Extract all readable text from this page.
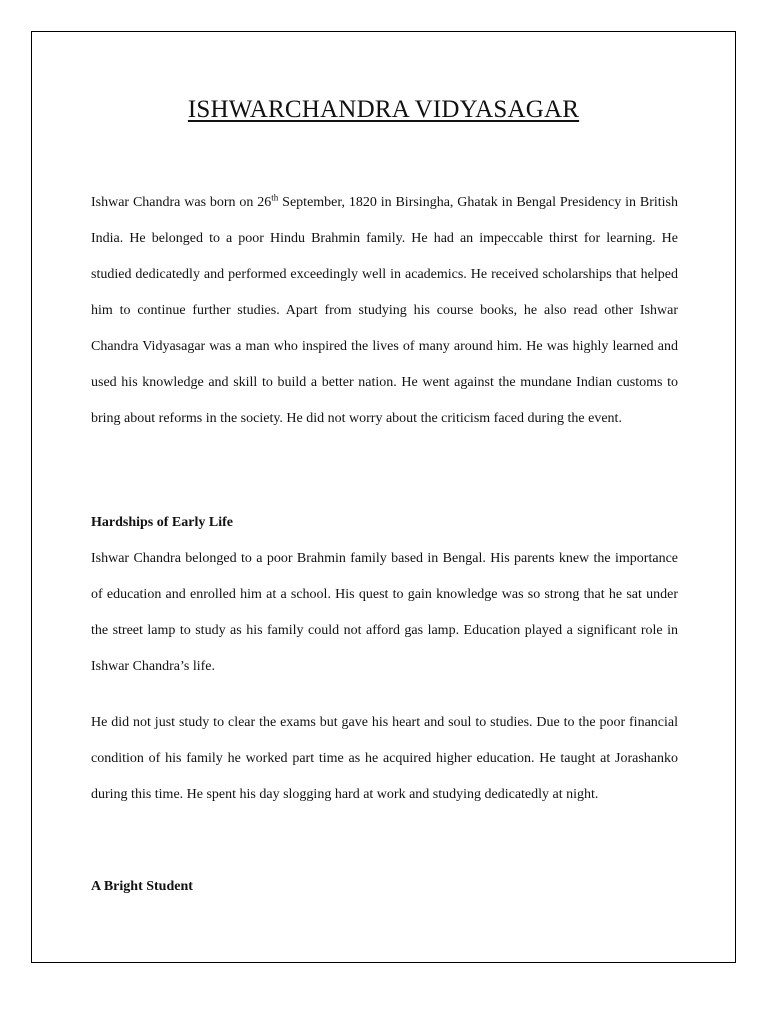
ISHWARCHANDRA VIDYASAGAR

Ishwar Chandra was born on 26th September, 1820 in Birsingha, Ghatak in Bengal Presidency in British India. He belonged to a poor Hindu Brahmin family. He had an impeccable thirst for learning. He studied dedicatedly and performed exceedingly well in academics. He received scholarships that helped him to continue further studies. Apart from studying his course books, he also read other Ishwar Chandra Vidyasagar was a man who inspired the lives of many around him. He was highly learned and used his knowledge and skill to build a better nation. He went against the mundane Indian customs to bring about reforms in the society. He did not worry about the criticism faced during the event.

Hardships of Early Life

Ishwar Chandra belonged to a poor Brahmin family based in Bengal. His parents knew the importance of education and enrolled him at a school. His quest to gain knowledge was so strong that he sat under the street lamp to study as his family could not afford gas lamp. Education played a significant role in Ishwar Chandra’s life.

He did not just study to clear the exams but gave his heart and soul to studies. Due to the poor financial condition of his family he worked part time as he acquired higher education. He taught at Jorashanko during this time. He spent his day slogging hard at work and studying dedicatedly at night.

A Bright Student
